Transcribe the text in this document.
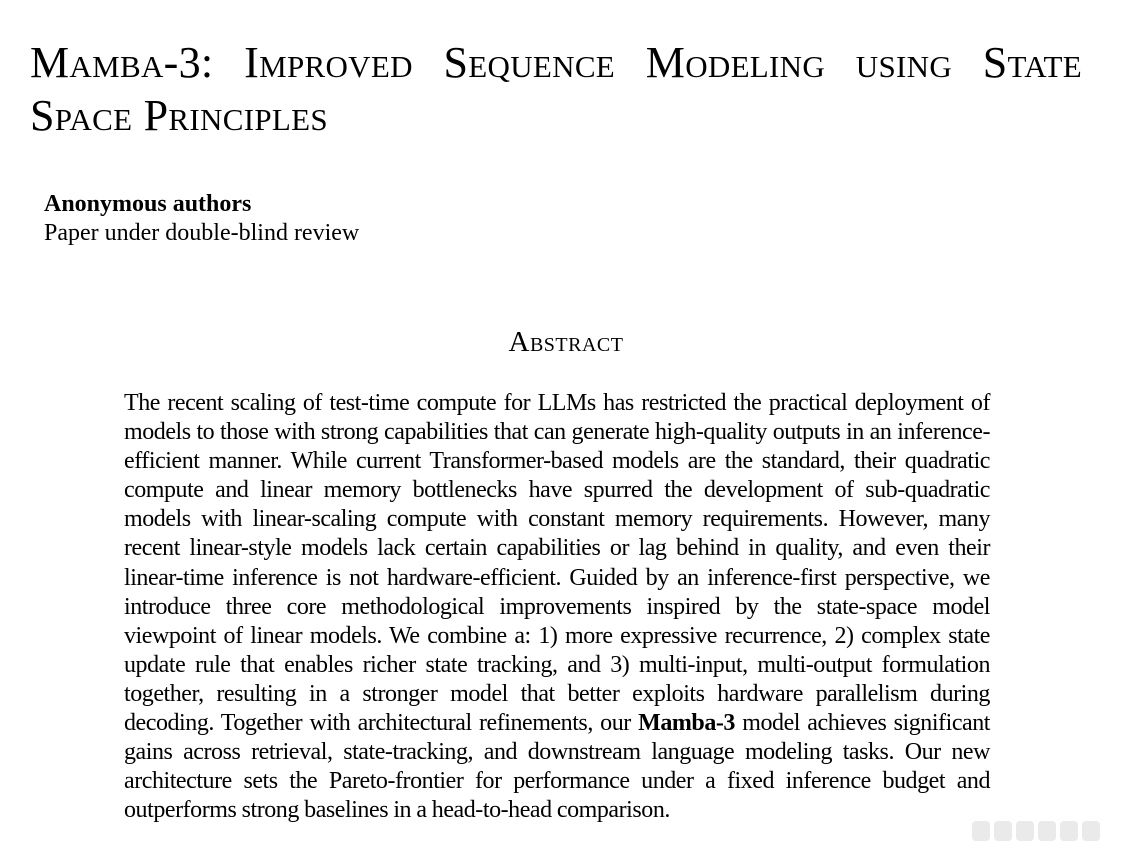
Mamba-3: Improved Sequence Modeling using State Space Principles
Anonymous authors
Paper under double-blind review
Abstract

The recent scaling of test-time compute for LLMs has restricted the practical deployment of models to those with strong capabilities that can generate high-quality outputs in an inference-efficient manner. While current Transformer-based models are the standard, their quadratic compute and linear memory bottlenecks have spurred the development of sub-quadratic models with linear-scaling compute with constant memory requirements. However, many recent linear-style models lack certain capabilities or lag behind in quality, and even their linear-time inference is not hardware-efficient. Guided by an inference-first perspective, we introduce three core methodological improvements inspired by the state-space model viewpoint of linear models. We combine a: 1) more expressive recurrence, 2) complex state update rule that enables richer state tracking, and 3) multi-input, multi-output formulation together, resulting in a stronger model that better exploits hardware parallelism during decoding. Together with architectural refinements, our Mamba-3 model achieves significant gains across retrieval, state-tracking, and downstream language modeling tasks. Our new architecture sets the Pareto-frontier for performance under a fixed inference budget and outperforms strong baselines in a head-to-head comparison.
